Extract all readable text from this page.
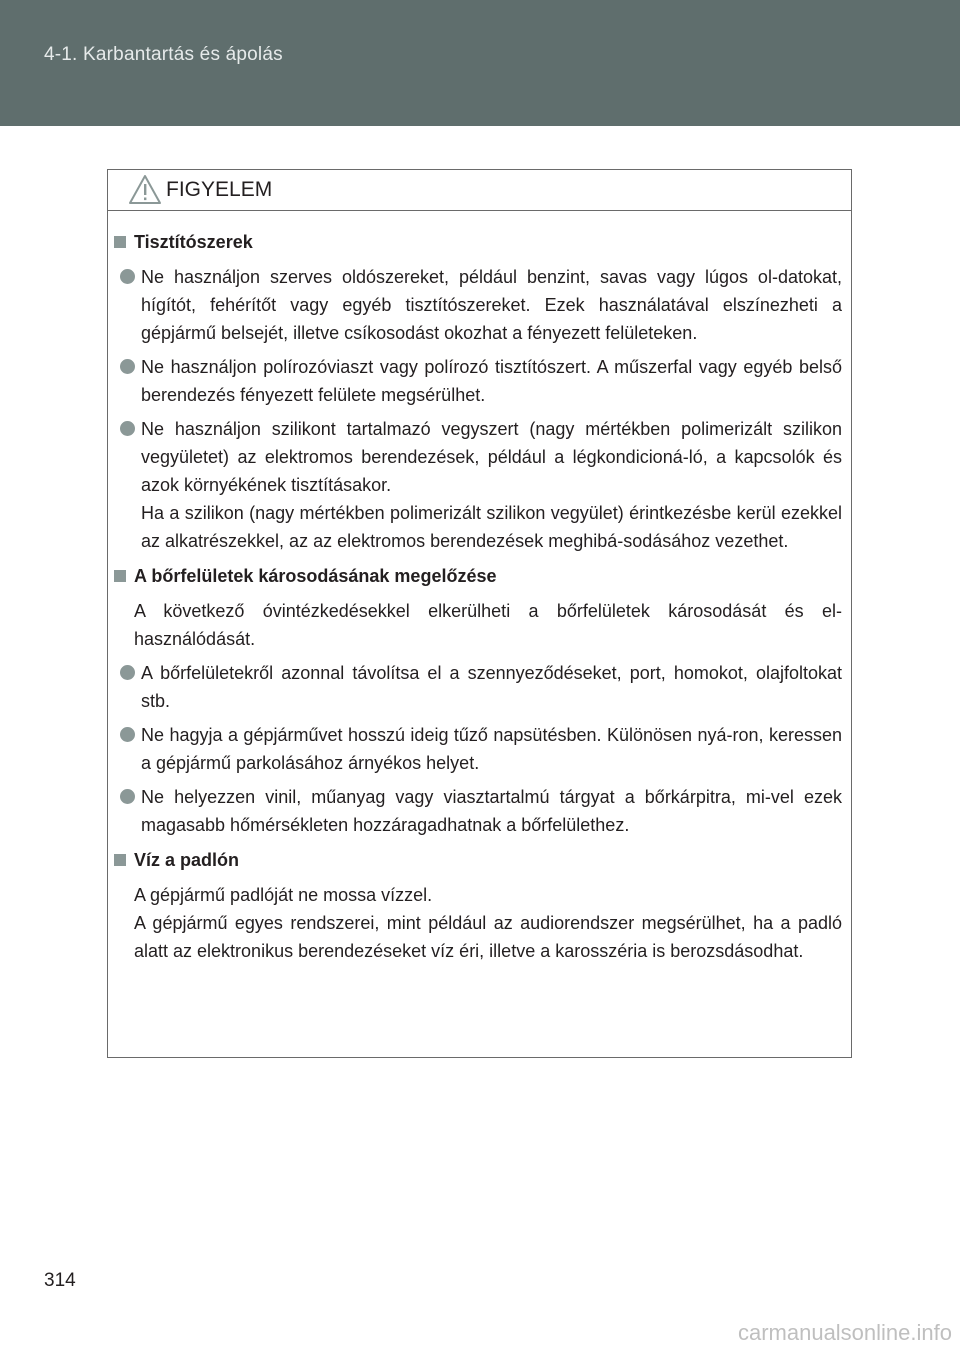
4-1. Karbantartás és ápolás
FIGYELEM
Tisztítószerek
Ne használjon szerves oldószereket, például benzint, savas vagy lúgos ol-datokat, hígítót, fehérítőt vagy egyéb tisztítószereket. Ezek használatával elszínezheti a gépjármű belsejét, illetve csíkosodást okozhat a fényezett felületeken.
Ne használjon polírozóviaszt vagy polírozó tisztítószert. A műszerfal vagy egyéb belső berendezés fényezett felülete megsérülhet.
Ne használjon szilikont tartalmazó vegyszert (nagy mértékben polimerizált szilikon vegyületet) az elektromos berendezések, például a légkondicioná-ló, a kapcsolók és azok környékének tisztításakor.
Ha a szilikon (nagy mértékben polimerizált szilikon vegyület) érintkezésbe kerül ezekkel az alkatrészekkel, az az elektromos berendezések meghibá-sodásához vezethet.
A bőrfelületek károsodásának megelőzése
A következő óvintézkedésekkel elkerülheti a bőrfelületek károsodását és el-használódását.
A bőrfelületekről azonnal távolítsa el a szennyeződéseket, port, homokot, olajfoltokat stb.
Ne hagyja a gépjárművet hosszú ideig tűző napsütésben. Különösen nyá-ron, keressen a gépjármű parkolásához árnyékos helyet.
Ne helyezzen vinil, műanyag vagy viasztartalmú tárgyat a bőrkárpitra, mi-vel ezek magasabb hőmérsékleten hozzáragadhatnak a bőrfelülethez.
Víz a padlón
A gépjármű padlóját ne mossa vízzel.
A gépjármű egyes rendszerei, mint például az audiorendszer megsérülhet, ha a padló alatt az elektronikus berendezéseket víz éri, illetve a karosszéria is berozsdásodhat.
314
carmanualsonline.info
